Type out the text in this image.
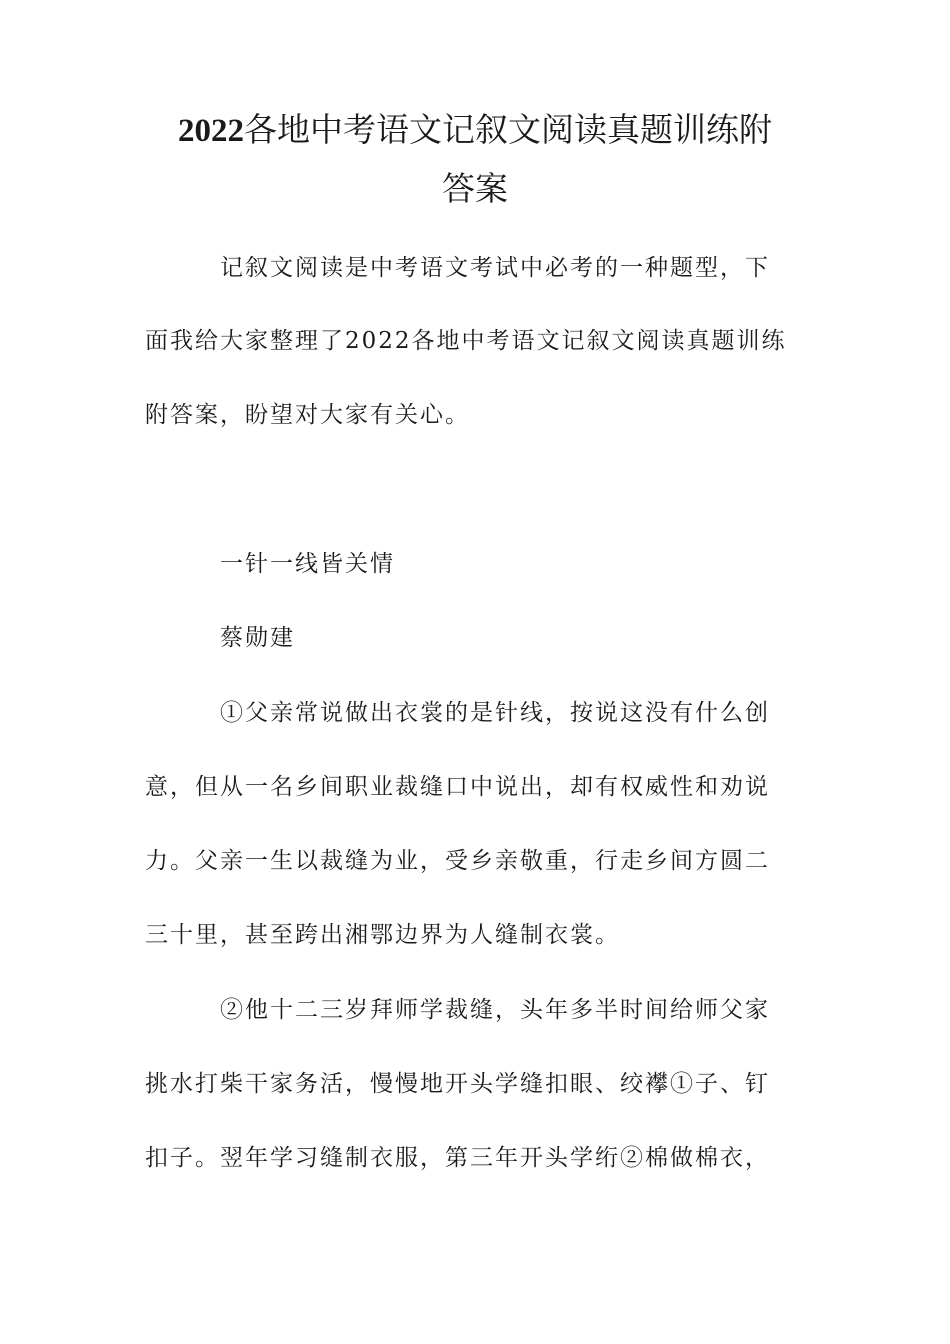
2022各地中考语文记叙文阅读真题训练附
答案

记叙文阅读是中考语文考试中必考的一种题型，下

面我给大家整理了2022各地中考语文记叙文阅读真题训练

附答案，盼望对大家有关心。

一针一线皆关情

蔡勋建

①父亲常说做出衣裳的是针线，按说这没有什么创

意，但从一名乡间职业裁缝口中说出，却有权威性和劝说

力。父亲一生以裁缝为业，受乡亲敬重，行走乡间方圆二

三十里，甚至跨出湘鄂边界为人缝制衣裳。

②他十二三岁拜师学裁缝，头年多半时间给师父家

挑水打柴干家务活，慢慢地开头学缝扣眼、绞襻①子、钉

扣子。翌年学习缝制衣服，第三年开头学绗②棉做棉衣，
